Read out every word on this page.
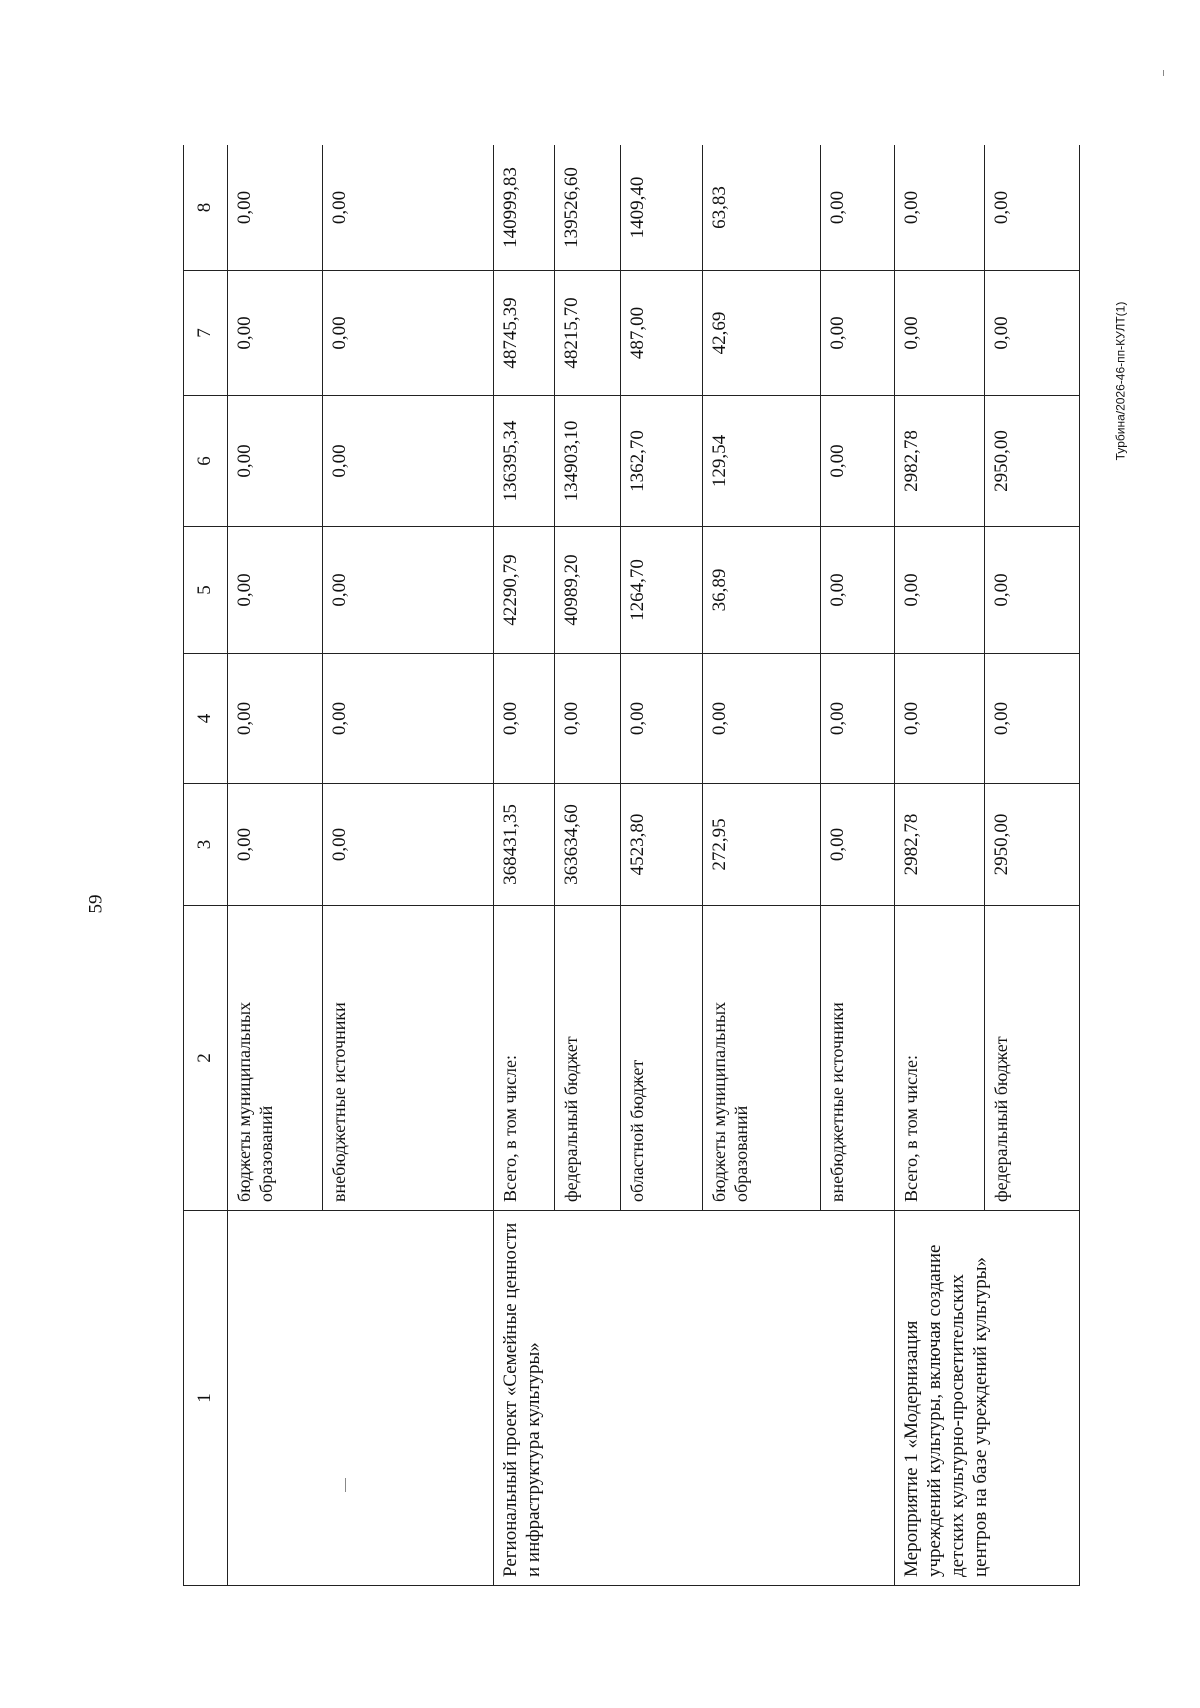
59
Турбина/2026-46-пп-КУЛТ(1)
1	2	3	4	5	6	7	8
	бюджеты муниципальных образований	0,00	0,00	0,00	0,00	0,00	0,00
	внебюджетные источники	0,00	0,00	0,00	0,00	0,00	0,00
Региональный проект «Семейные ценности и инфраструктура культуры»	Всего, в том числе:	368431,35	0,00	42290,79	136395,34	48745,39	140999,83
	федеральный бюджет	363634,60	0,00	40989,20	134903,10	48215,70	139526,60
	областной бюджет	4523,80	0,00	1264,70	1362,70	487,00	1409,40
	бюджеты муниципальных образований	272,95	0,00	36,89	129,54	42,69	63,83
	внебюджетные источники	0,00	0,00	0,00	0,00	0,00	0,00
Мероприятие 1 «Модернизация учреждений культуры, включая создание детских культурно-просветительских центров на базе учреждений культуры»	Всего, в том числе:	2982,78	0,00	0,00	2982,78	0,00	0,00
	федеральный бюджет	2950,00	0,00	0,00	2950,00	0,00	0,00
